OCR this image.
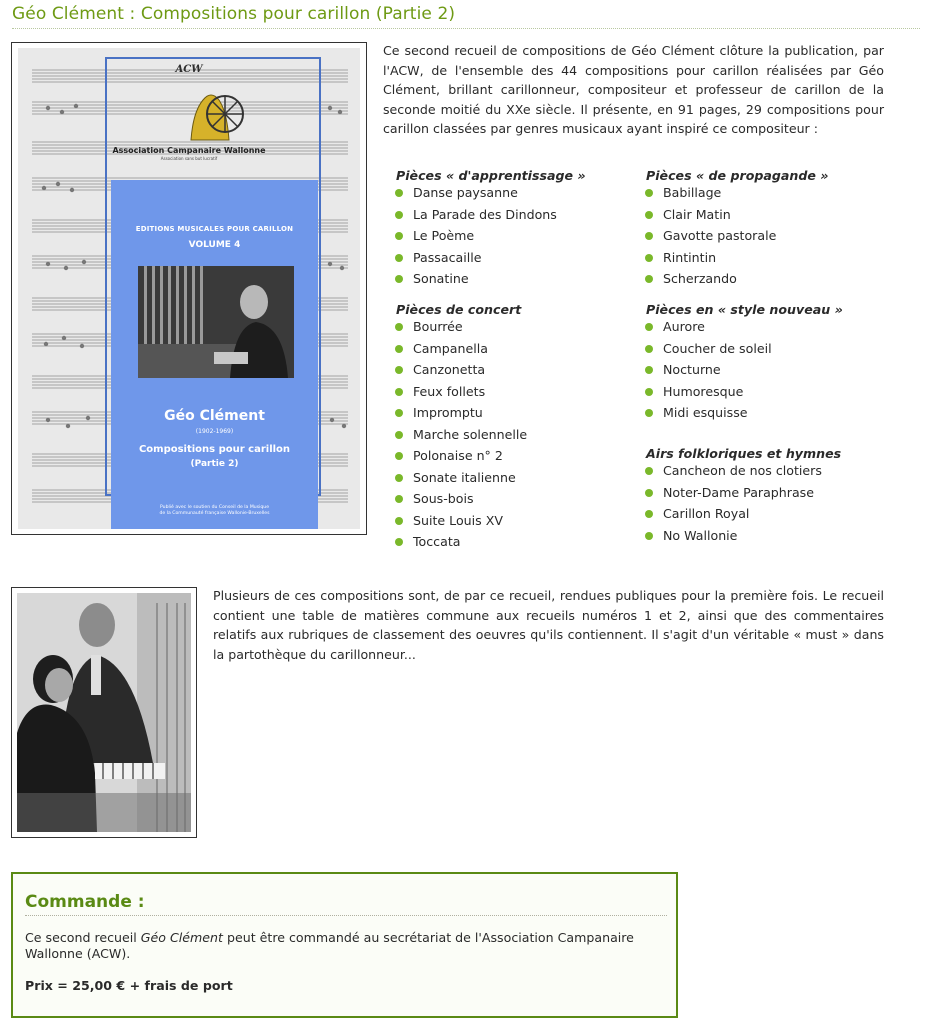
Géo Clément : Compositions pour carillon (Partie 2)
ACW
Association Campanaire Wallonne
Association sans but lucratif
EDITIONS MUSICALES POUR CARILLON
VOLUME 4
Géo Clément
(1902-1969)
Compositions pour carillon
(Partie 2)
Publié avec le soutien du Conseil de la Musique
de la Communauté française Wallonie-Bruxelles

Ce second recueil de compositions de Géo Clément clôture la publication, par l'ACW, de l'ensemble des 44 compositions pour carillon réalisées par Géo Clément, brillant carillonneur, compositeur et professeur de carillon de la seconde moitié du XXe siècle. Il présente, en 91 pages, 29 compositions pour carillon classées par genres musicaux ayant inspiré ce compositeur :

Pièces « d'apprentissage »
Danse paysanne
La Parade des Dindons
Le Poème
Passacaille
Sonatine
Pièces de concert
Bourrée
Campanella
Canzonetta
Feux follets
Impromptu
Marche solennelle
Polonaise n° 2
Sonate italienne
Sous-bois
Suite Louis XV
Toccata
Pièces « de propagande »
Babillage
Clair Matin
Gavotte pastorale
Rintintin
Scherzando
Pièces en « style nouveau »
Aurore
Coucher de soleil
Nocturne
Humoresque
Midi esquisse
Airs folkloriques et hymnes
Cancheon de nos clotiers
Noter-Dame Paraphrase
Carillon Royal
No Wallonie

Plusieurs de ces compositions sont, de par ce recueil, rendues publiques pour la première fois. Le recueil contient une table de matières commune aux recueils numéros 1 et 2, ainsi que des commentaires relatifs aux rubriques de classement des oeuvres qu'ils contiennent. Il s'agit d'un véritable « must » dans la partothèque du carillonneur...

Commande :

Ce second recueil Géo Clément peut être commandé au secrétariat de l'Association Campanaire Wallonne (ACW).

Prix = 25,00 € + frais de port
